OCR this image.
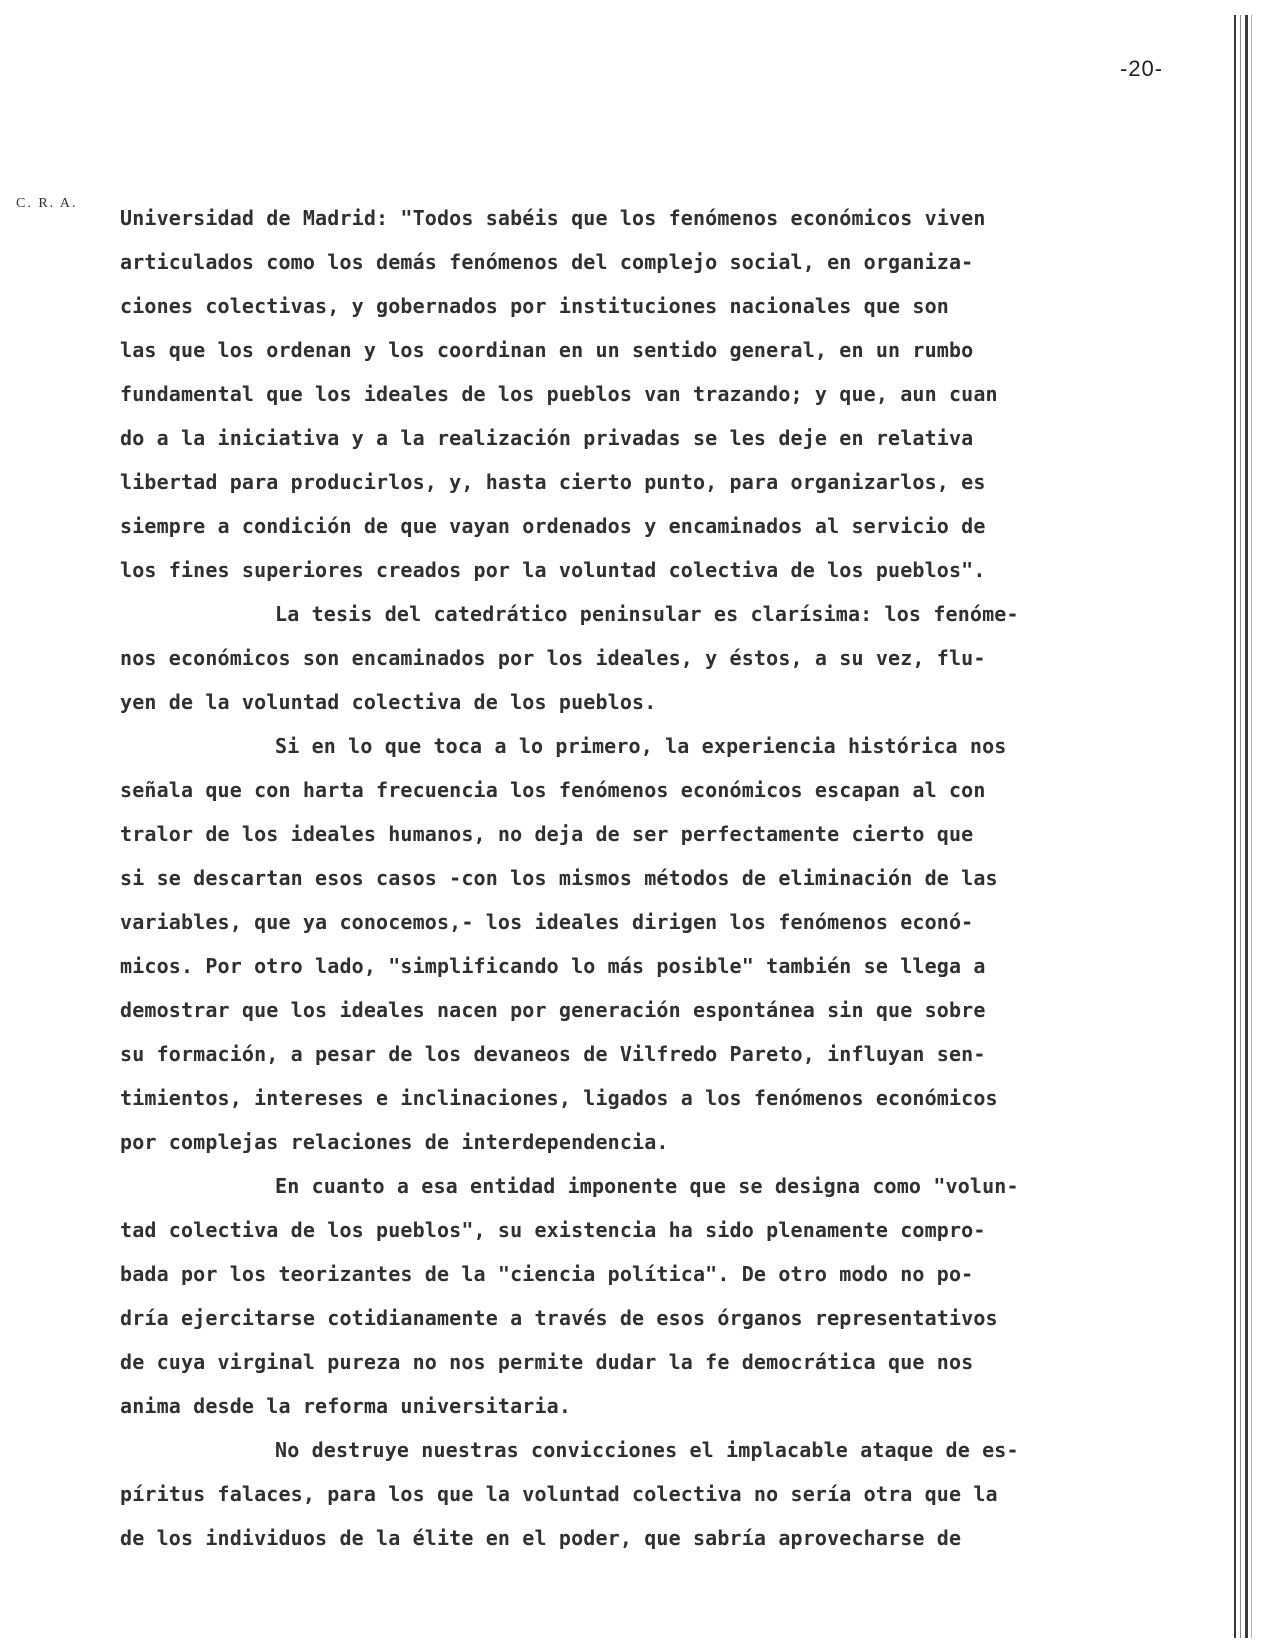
-20-
C. R. A.
Universidad de Madrid: "Todos sabéis que los fenómenos económicos viven
articulados como los demás fenómenos del complejo social, en organiza-
ciones colectivas, y gobernados por instituciones nacionales que son
las que los ordenan y los coordinan en un sentido general, en un rumbo
fundamental que los ideales de los pueblos van trazando; y que, aun cuan
do a la iniciativa y a la realización privadas se les deje en relativa
libertad para producirlos, y, hasta cierto punto, para organizarlos, es
siempre a condición de que vayan ordenados y encaminados al servicio de
los fines superiores creados por la voluntad colectiva de los pueblos".
La tesis del catedrático peninsular es clarísima: los fenóme-
nos económicos son encaminados por los ideales, y éstos, a su vez, flu-
yen de la voluntad colectiva de los pueblos.
Si en lo que toca a lo primero, la experiencia histórica nos
señala que con harta frecuencia los fenómenos económicos escapan al con
tralor de los ideales humanos, no deja de ser perfectamente cierto que
si se descartan esos casos -con los mismos métodos de eliminación de las
variables, que ya conocemos,- los ideales dirigen los fenómenos econó-
micos. Por otro lado, "simplificando lo más posible" también se llega a
demostrar que los ideales nacen por generación espontánea sin que sobre
su formación, a pesar de los devaneos de Vilfredo Pareto, influyan sen-
timientos, intereses e inclinaciones, ligados a los fenómenos económicos
por complejas relaciones de interdependencia.
En cuanto a esa entidad imponente que se designa como "volun-
tad colectiva de los pueblos", su existencia ha sido plenamente compro-
bada por los teorizantes de la "ciencia política". De otro modo no po-
dría ejercitarse cotidianamente a través de esos órganos representativos
de cuya virginal pureza no nos permite dudar la fe democrática que nos
anima desde la reforma universitaria.
No destruye nuestras convicciones el implacable ataque de es-
píritus falaces, para los que la voluntad colectiva no sería otra que la
de los individuos de la élite en el poder, que sabría aprovecharse de
